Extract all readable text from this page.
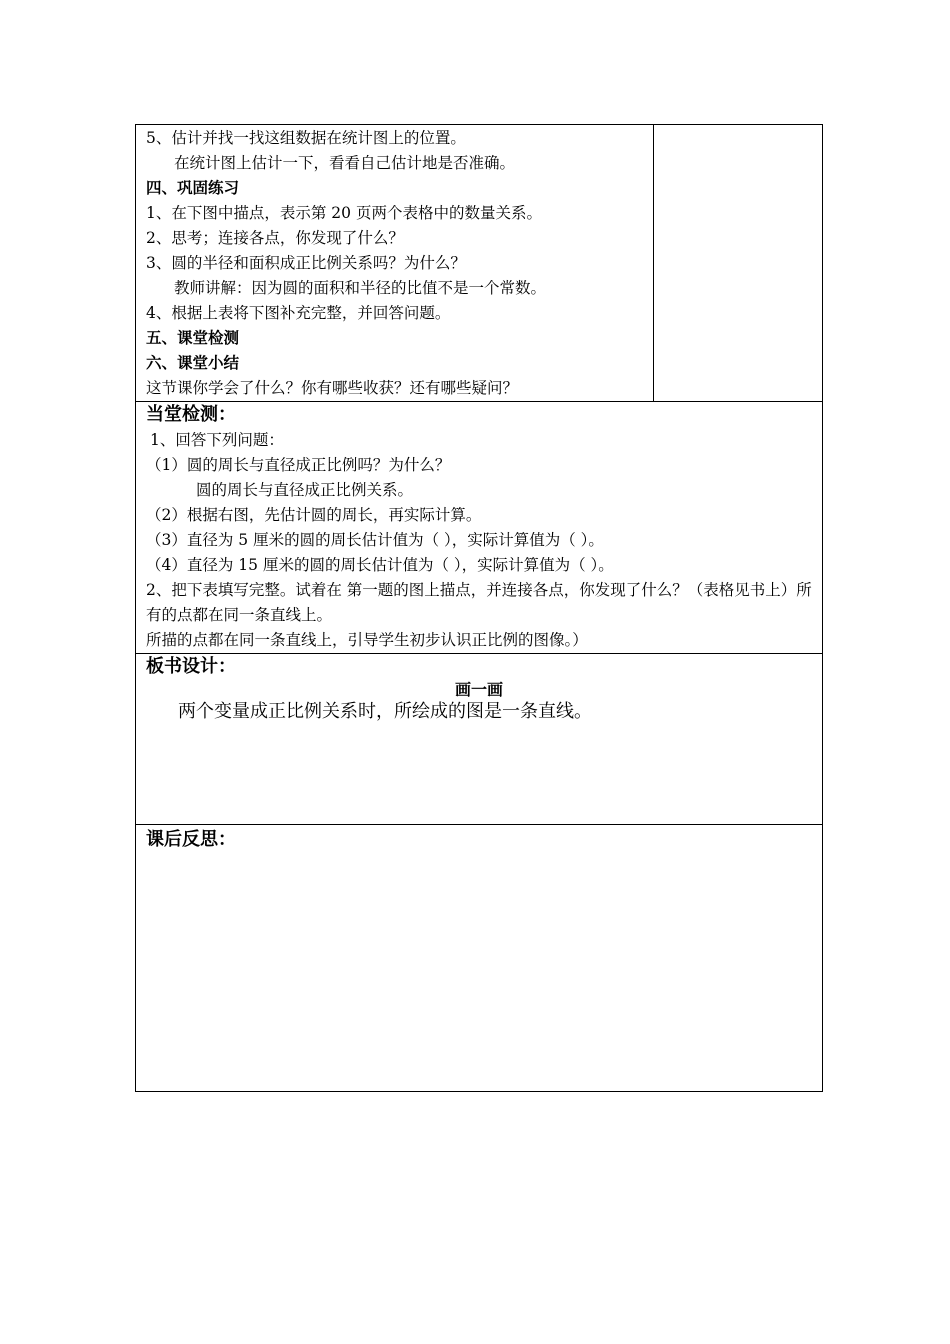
5、估计并找一找这组数据在统计图上的位置。
在统计图上估计一下，看看自己估计地是否准确。
四、巩固练习
1、在下图中描点，表示第 20 页两个表格中的数量关系。
2、思考；连接各点，你发现了什么？
3、圆的半径和面积成正比例关系吗？为什么？
教师讲解：因为圆的面积和半径的比值不是一个常数。
4、根据上表将下图补充完整，并回答问题。
五、课堂检测
六、课堂小结
这节课你学会了什么？你有哪些收获？还有哪些疑问？

当堂检测：
1、回答下列问题：
（1）圆的周长与直径成正比例吗？为什么？
圆的周长与直径成正比例关系。
（2）根据右图，先估计圆的周长，再实际计算。
（3）直径为 5 厘米的圆的周长估计值为（ ），实际计算值为（ ）。
（4）直径为 15 厘米的圆的周长估计值为（ ），实际计算值为（ ）。
2、把下表填写完整。试着在 第一题的图上描点，并连接各点，你发现了什么？（表格见书上）所有的点都在同一条直线上。
所描的点都在同一条直线上，引导学生初步认识正比例的图像。）

板书设计：
画一画
两个变量成正比例关系时，所绘成的图是一条直线。

课后反思：
